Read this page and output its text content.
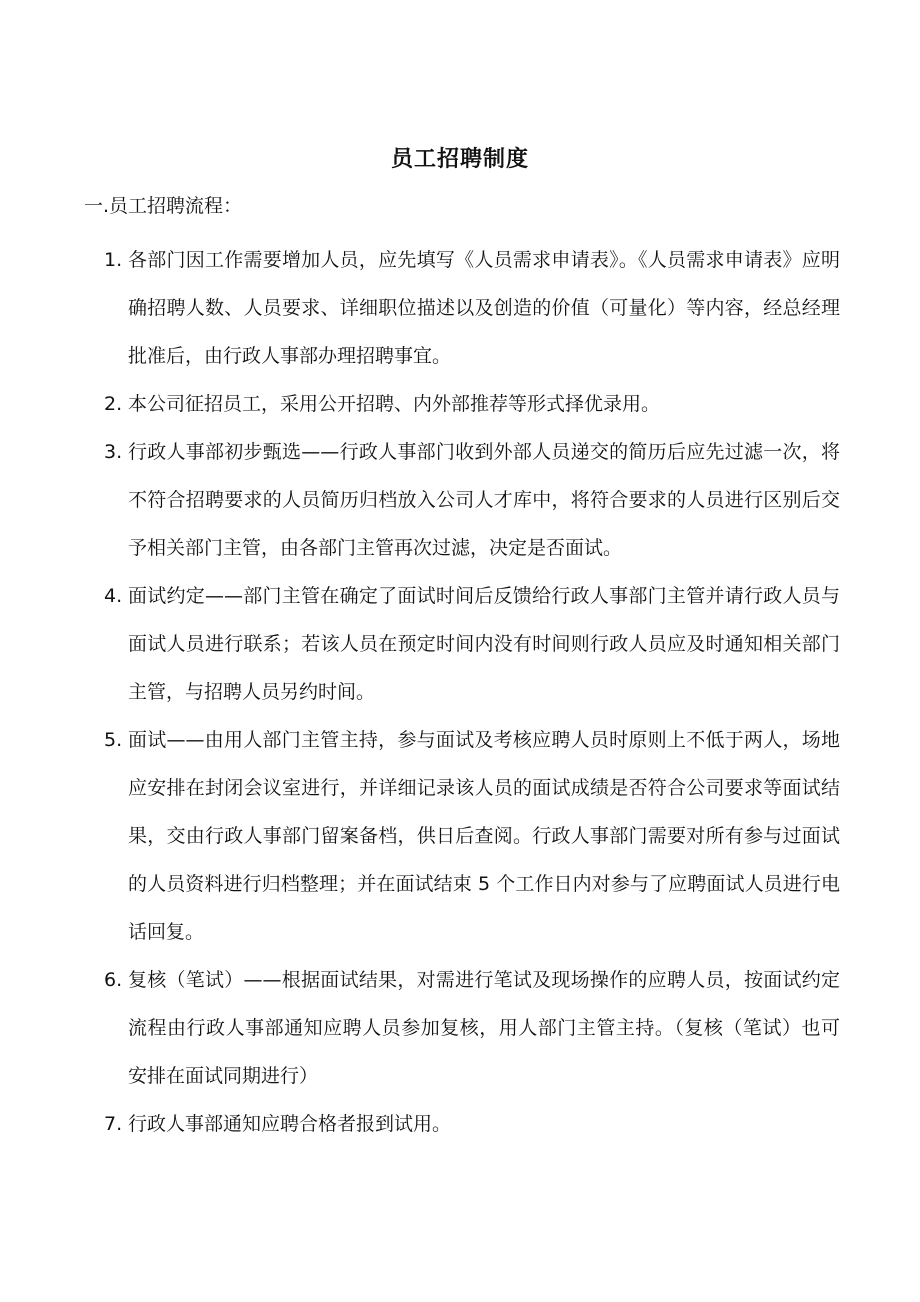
员工招聘制度

一.员工招聘流程：

1. 各部门因工作需要增加人员，应先填写《人员需求申请表》。《人员需求申请表》应明确招聘人数、人员要求、详细职位描述以及创造的价值（可量化）等内容，经总经理批准后，由行政人事部办理招聘事宜。
2. 本公司征招员工，采用公开招聘、内外部推荐等形式择优录用。
3. 行政人事部初步甄选——行政人事部门收到外部人员递交的简历后应先过滤一次，将不符合招聘要求的人员简历归档放入公司人才库中，将符合要求的人员进行区别后交予相关部门主管，由各部门主管再次过滤，决定是否面试。
4. 面试约定——部门主管在确定了面试时间后反馈给行政人事部门主管并请行政人员与面试人员进行联系；若该人员在预定时间内没有时间则行政人员应及时通知相关部门主管，与招聘人员另约时间。
5. 面试——由用人部门主管主持，参与面试及考核应聘人员时原则上不低于两人，场地应安排在封闭会议室进行，并详细记录该人员的面试成绩是否符合公司要求等面试结果，交由行政人事部门留案备档，供日后查阅。行政人事部门需要对所有参与过面试的人员资料进行归档整理；并在面试结束 5 个工作日内对参与了应聘面试人员进行电话回复。
6. 复核（笔试）——根据面试结果，对需进行笔试及现场操作的应聘人员，按面试约定流程由行政人事部通知应聘人员参加复核，用人部门主管主持。（复核（笔试）也可安排在面试同期进行）
7. 行政人事部通知应聘合格者报到试用。
